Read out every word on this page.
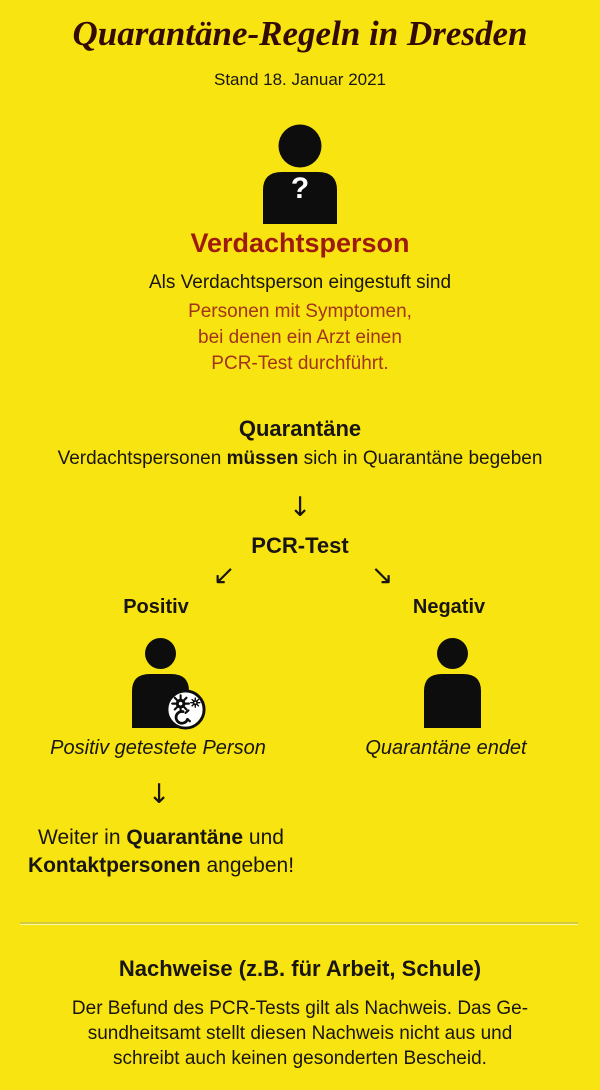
Quarantäne-Regeln in Dresden
Stand 18. Januar 2021
?
Verdachtsperson
Als Verdachtsperson eingestuft sind
Personen mit Symptomen,
bei denen ein Arzt einen
PCR-Test durchführt.
Quarantäne
Verdachtspersonen müssen sich in Quarantäne begeben
↓
PCR-Test
↙	↘
Positiv	Negativ
Positiv getestete Person	Quarantäne endet
↓
Weiter in Quarantäne und
Kontaktpersonen angeben!
Nachweise (z.B. für Arbeit, Schule)
Der Befund des PCR-Tests gilt als Nachweis. Das Ge-
sundheitsamt stellt diesen Nachweis nicht aus und
schreibt auch keinen gesonderten Bescheid.
